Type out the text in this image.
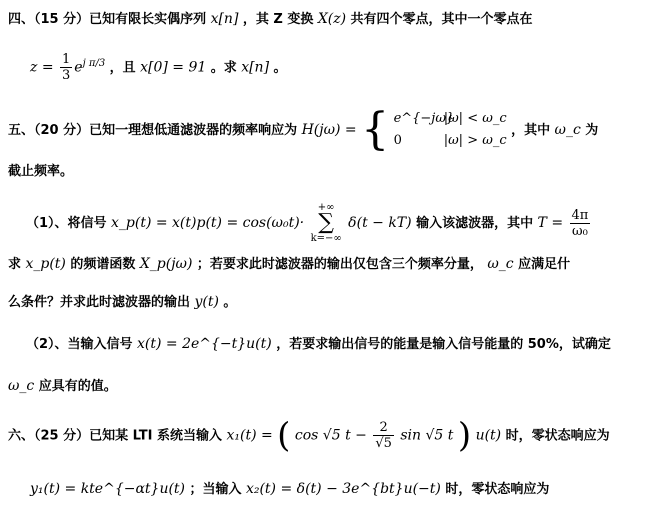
四、（15 分）已知有限长实偶序列 x[n] ，其 Z 变换 X(z) 共有四个零点，其中一个零点在
$z = \frac{1}{3} e^{j \pi/3}$ ，且 x[0] = 91 。求 x[n] 。
五、（20 分）已知一理想低通滤波器的频率响应为 H(jω) = { e^{−jω} |ω| < ω_c
0	|ω| > ω_c
，其中 ω_c 为
截止频率。
（1）、将信号 x_p(t) = x(t)p(t) = cos(ω₀t)·
+∞
∑
k=−∞
δ(t − kT) 输入该滤波器，其中 $T = \frac{4\pi}{\text{ω₀}}$
求 x_p(t) 的频谱函数 X_p(jω) ；若要求此时滤波器的输出仅包含三个频率分量， ω_c 应满足什
么条件？并求此时滤波器的输出 y(t) 。
（2）、当输入信号 x(t) = 2e^{−t}u(t) ，若要求输出信号的能量是输入信号能量的 50%，试确定
ω_c 应具有的值。
六、（25 分）已知某 LTI 系统当输入 x₁(t) = ( cos √5 $t - \frac{2}{√5}$ sin √5 t ) u(t) 时，零状态响应为
y₁(t) = kte^{−αt}u(t) ；当输入 x₂(t) = δ(t) − 3e^{bt}u(−t) 时，零状态响应为
